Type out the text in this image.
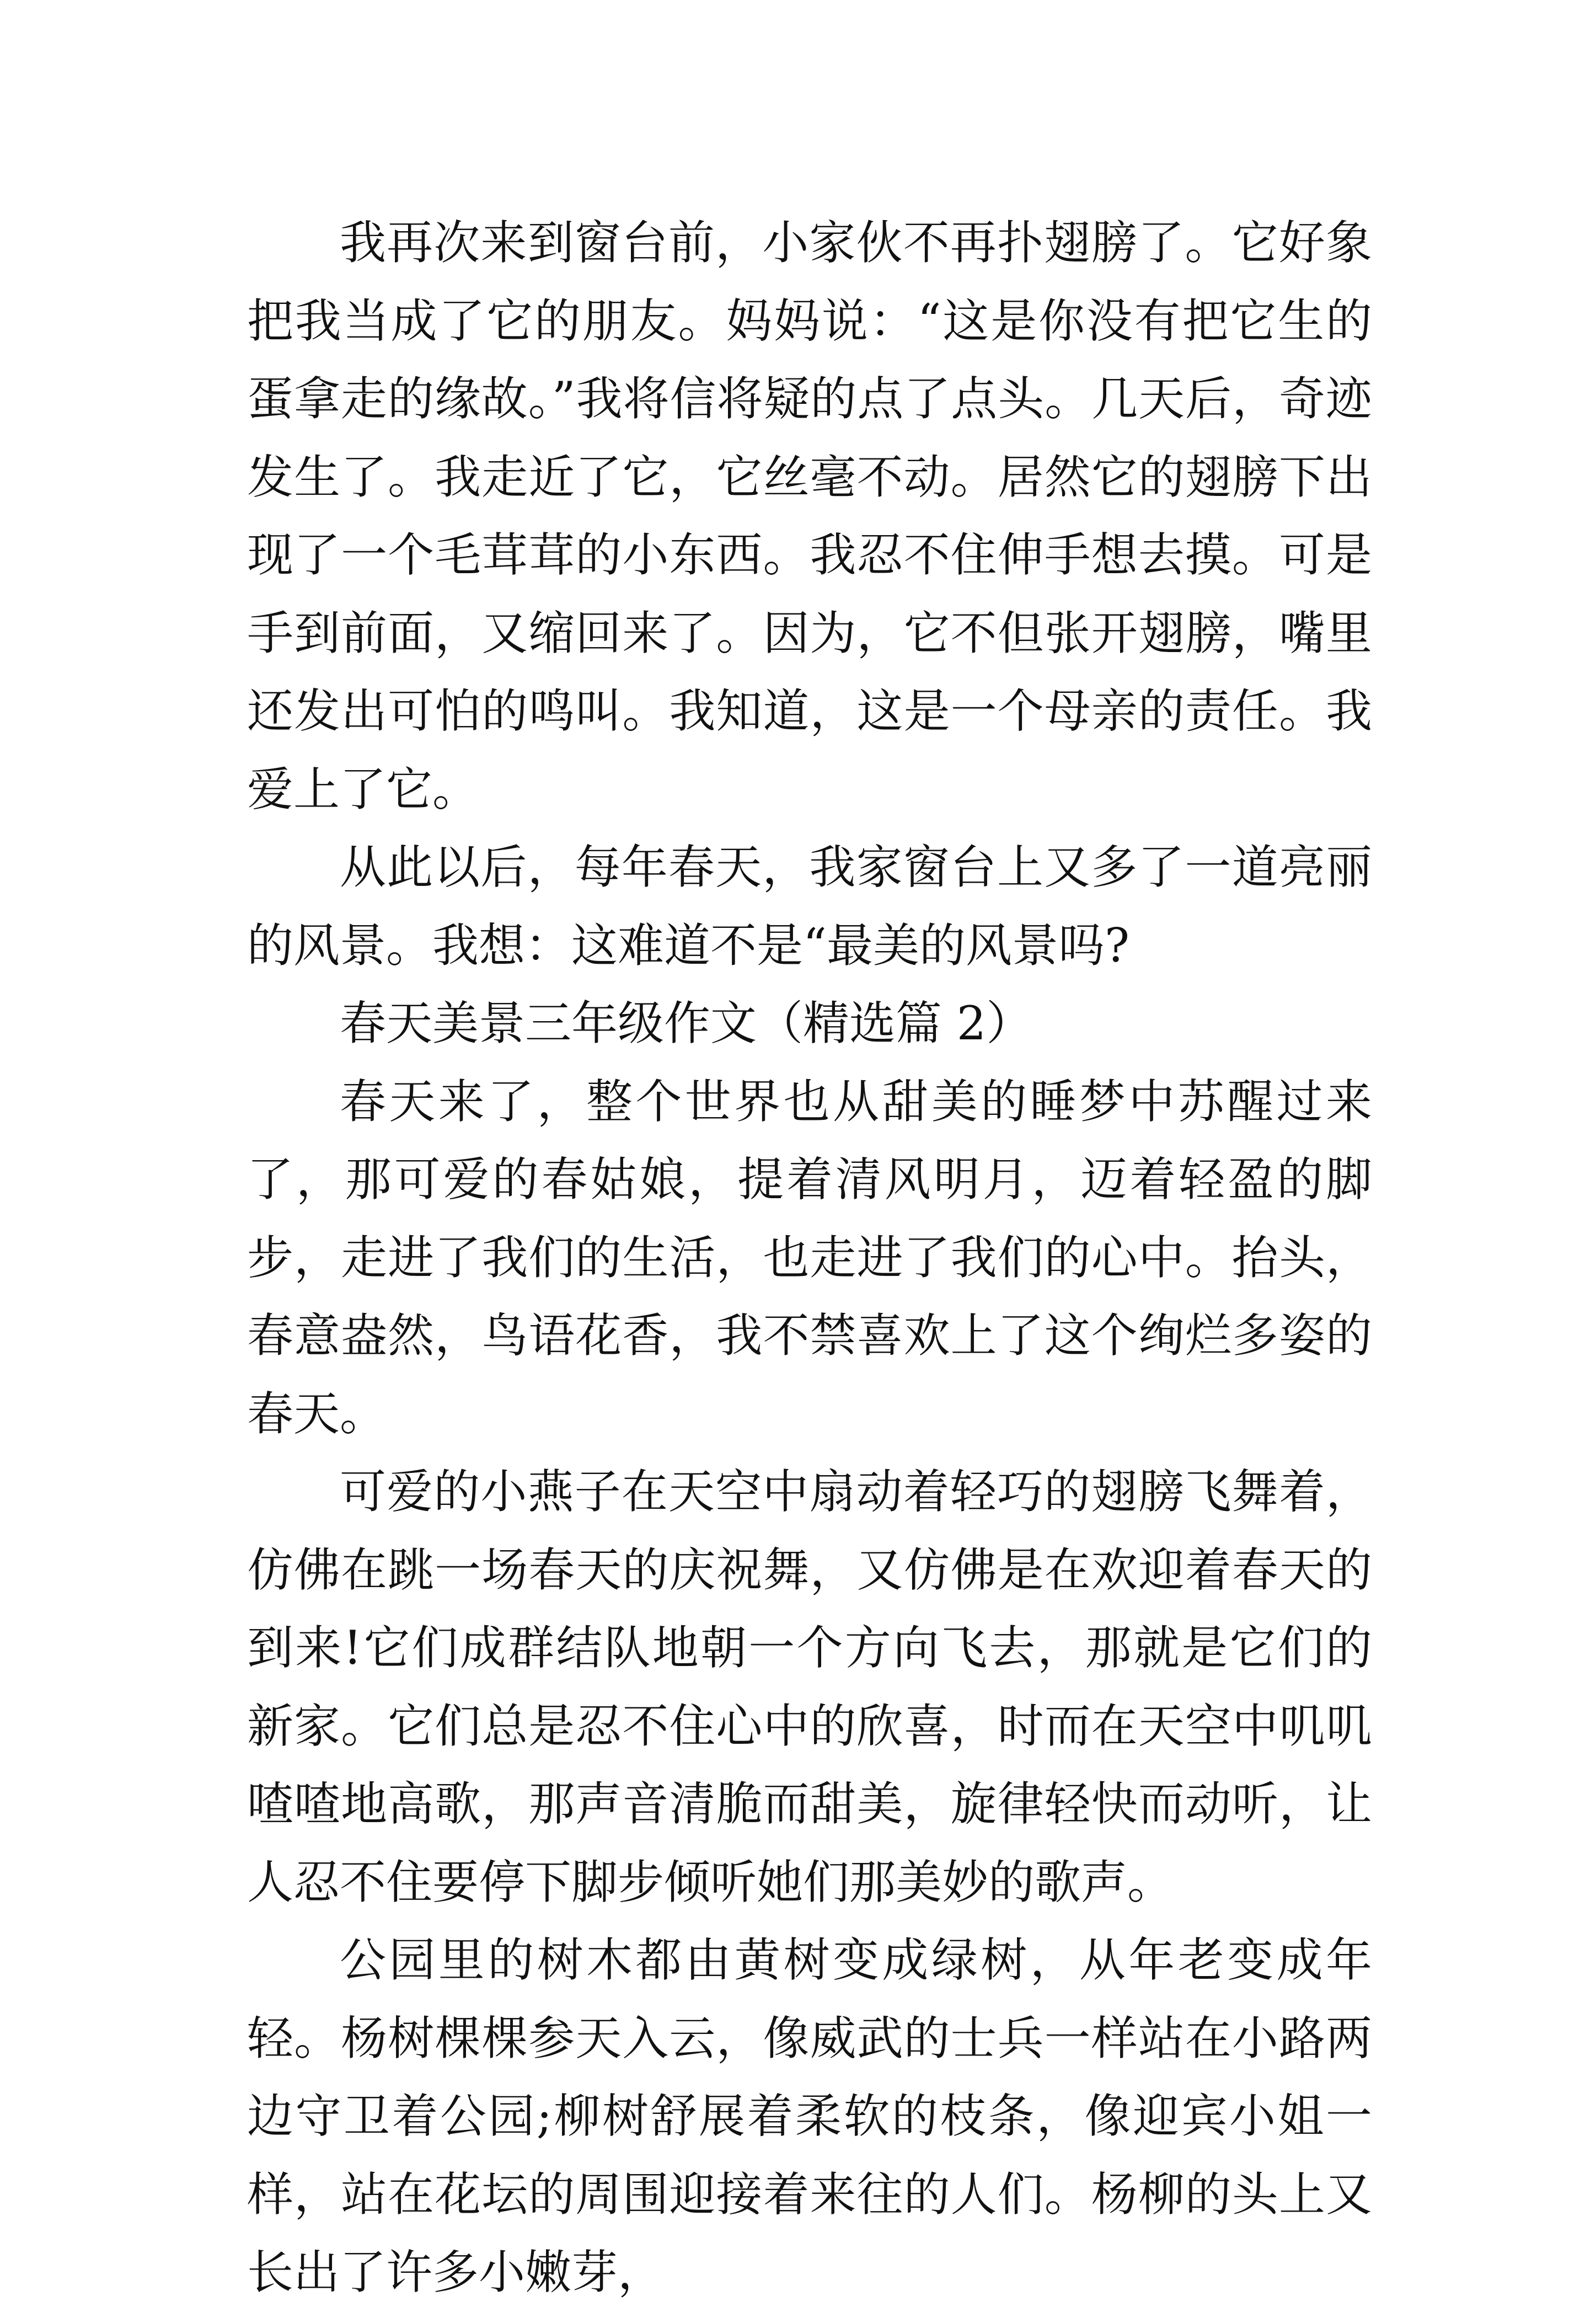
我再次来到窗台前，小家伙不再扑翅膀了。它好象把我当成了它的朋友。妈妈说：“这是你没有把它生的蛋拿走的缘故。”我将信将疑的点了点头。几天后，奇迹发生了。我走近了它，它丝毫不动。居然它的翅膀下出现了一个毛茸茸的小东西。我忍不住伸手想去摸。可是手到前面，又缩回来了。因为，它不但张开翅膀，嘴里还发出可怕的鸣叫。我知道，这是一个母亲的责任。我爱上了它。

从此以后，每年春天，我家窗台上又多了一道亮丽的风景。我想：这难道不是“最美的风景吗?

春天美景三年级作文（精选篇 2）

春天来了，整个世界也从甜美的睡梦中苏醒过来了，那可爱的春姑娘，提着清风明月，迈着轻盈的脚步，走进了我们的生活，也走进了我们的心中。抬头，春意盎然，鸟语花香，我不禁喜欢上了这个绚烂多姿的春天。

可爱的小燕子在天空中扇动着轻巧的翅膀飞舞着，仿佛在跳一场春天的庆祝舞，又仿佛是在欢迎着春天的到来!它们成群结队地朝一个方向飞去，那就是它们的新家。它们总是忍不住心中的欣喜，时而在天空中叽叽喳喳地高歌，那声音清脆而甜美，旋律轻快而动听，让人忍不住要停下脚步倾听她们那美妙的歌声。

公园里的树木都由黄树变成绿树，从年老变成年轻。杨树棵棵参天入云，像威武的士兵一样站在小路两边守卫着公园;柳树舒展着柔软的枝条，像迎宾小姐一样，站在花坛的周围迎接着来往的人们。杨柳的头上又长出了许多小嫩芽，
